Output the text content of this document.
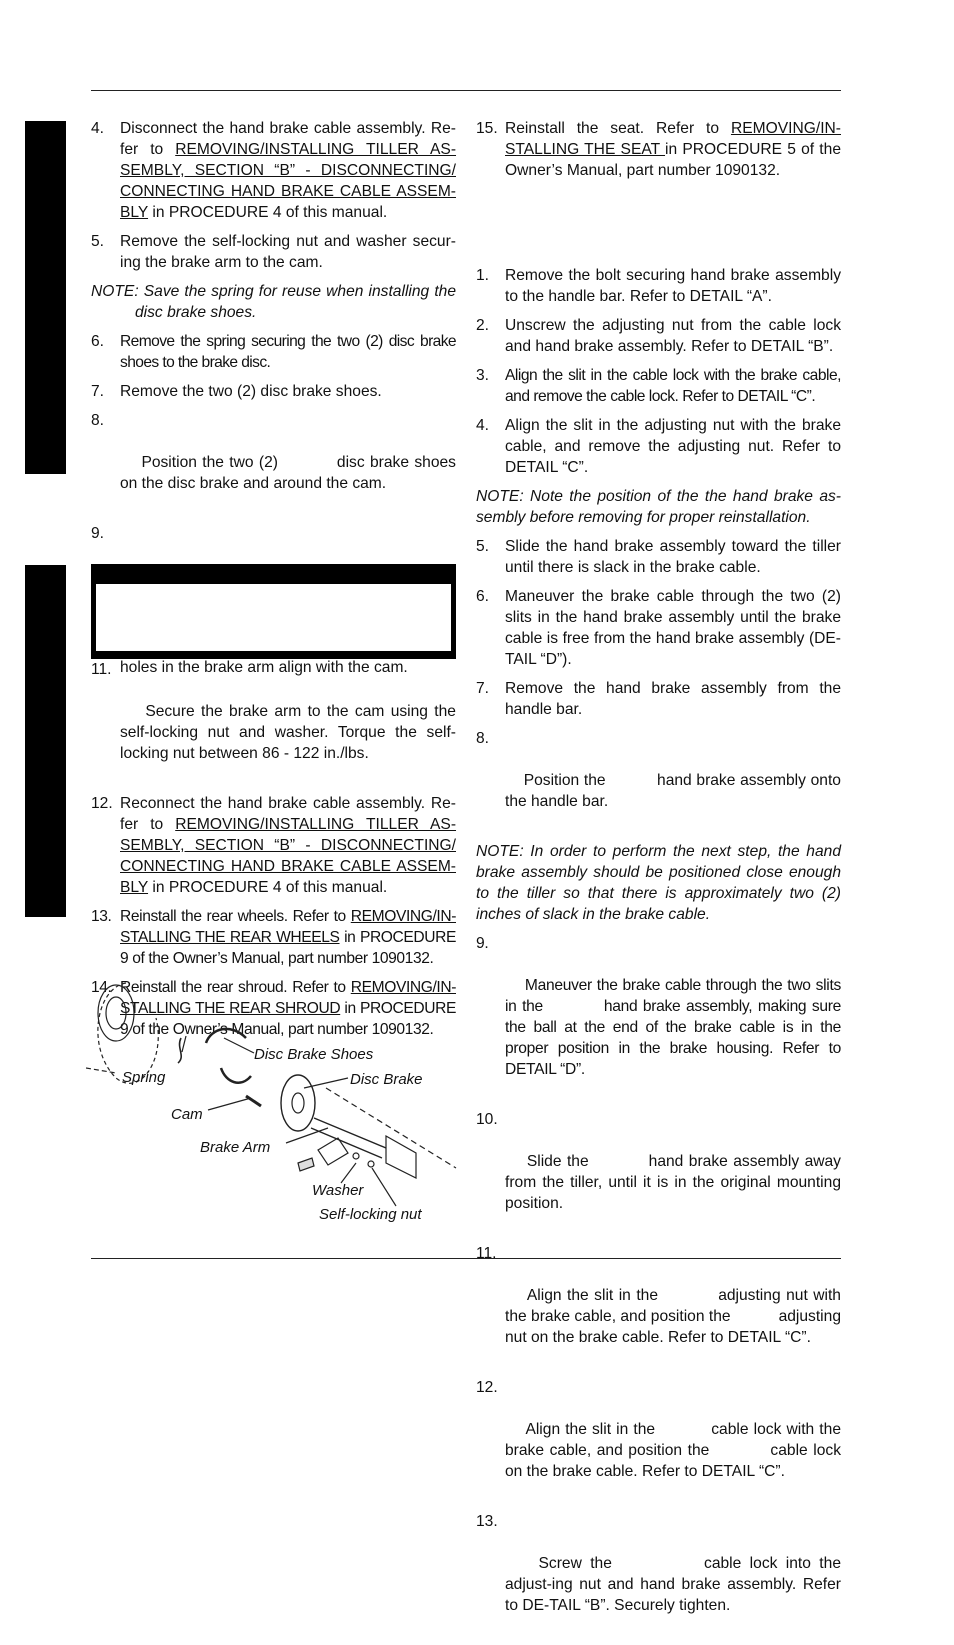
4. Disconnect the hand brake cable assembly. Re-fer to REMOVING/INSTALLING TILLER AS-SEMBLY, SECTION “B” - DISCONNECTING/ CONNECTING HAND BRAKE CABLE ASSEM-BLY in PROCEDURE 4 of this manual.
5. Remove the self-locking nut and washer secur-ing the brake arm to the cam.
NOTE: Save the spring for reuse when installing the disc brake shoes.
6. Remove the spring securing the two (2) disc brake shoes to the brake disc.
7. Remove the two (2) disc brake shoes.

8.

Position the two (2)           disc brake shoes on the disc brake and around the cam.

9.

holes in the brake arm align with the cam.

11.

Secure the brake arm to the cam using the               self-locking nut and washer. Torque the self-locking nut between 86 - 122 in./lbs.

12. Reconnect the hand brake cable assembly. Re-fer to REMOVING/INSTALLING TILLER AS-SEMBLY, SECTION “B” - DISCONNECTING/ CONNECTING HAND BRAKE CABLE ASSEM-BLY in PROCEDURE 4 of this manual.
13. Reinstall the rear wheels. Refer to REMOVING/IN-STALLING THE REAR WHEELS in PROCEDURE 9 of the Owner’s Manual, part number 1090132.
14. Reinstall the rear shroud. Refer to REMOVING/IN-STALLING THE REAR SHROUD in PROCEDURE 9 of the Owner’s Manual, part number 1090132.
Disc Brake Shoes
Spring	Disc Brake
Cam
Brake Arm
Washer
Self-locking nut
15. Reinstall the seat. Refer to REMOVING/IN-STALLING THE SEAT in PROCEDURE 5 of the Owner’s Manual, part number 1090132.
1. Remove the bolt securing hand brake assembly to the handle bar. Refer to DETAIL “A”.
2. Unscrew the adjusting nut from the cable lock and hand brake assembly. Refer to DETAIL “B”.
3. Align the slit in the cable lock with the brake cable, and remove the cable lock. Refer to DETAIL “C”.
4. Align the slit in the adjusting nut with the brake cable, and remove the adjusting nut. Refer to DETAIL “C”.
NOTE: Note the position of the the hand brake as-sembly before removing for proper reinstallation.
5. Slide the hand brake assembly toward the tiller until there is slack in the brake cable.
6. Maneuver the brake cable through the two (2) slits in the hand brake assembly until the brake cable is free from the hand brake assembly (DE-TAIL “D”).
7. Remove the hand brake assembly from the handle bar.

8.

Position the           hand brake assembly onto the handle bar.

NOTE: In order to perform the next step, the hand brake assembly should be positioned close enough to the tiller so that there is approximately two (2) inches of slack in the brake cable.

9.

Maneuver the brake cable through the two slits in the           hand brake assembly, making sure the ball at the end of the brake cable is in the proper position in the brake housing. Refer to DETAIL “D”.

10.

Slide the           hand brake assembly away from the tiller, until it is in the original mounting position.

11.

Align the slit in the           adjusting nut with the brake cable, and position the           adjusting nut on the brake cable. Refer to DETAIL “C”.

12.

Align the slit in the           cable lock with the brake cable, and position the           cable lock on the brake cable. Refer to DETAIL “C”.

13.

Screw the           cable lock into the           adjust-ing nut and hand brake assembly. Refer to DE-TAIL “B”. Securely tighten.
